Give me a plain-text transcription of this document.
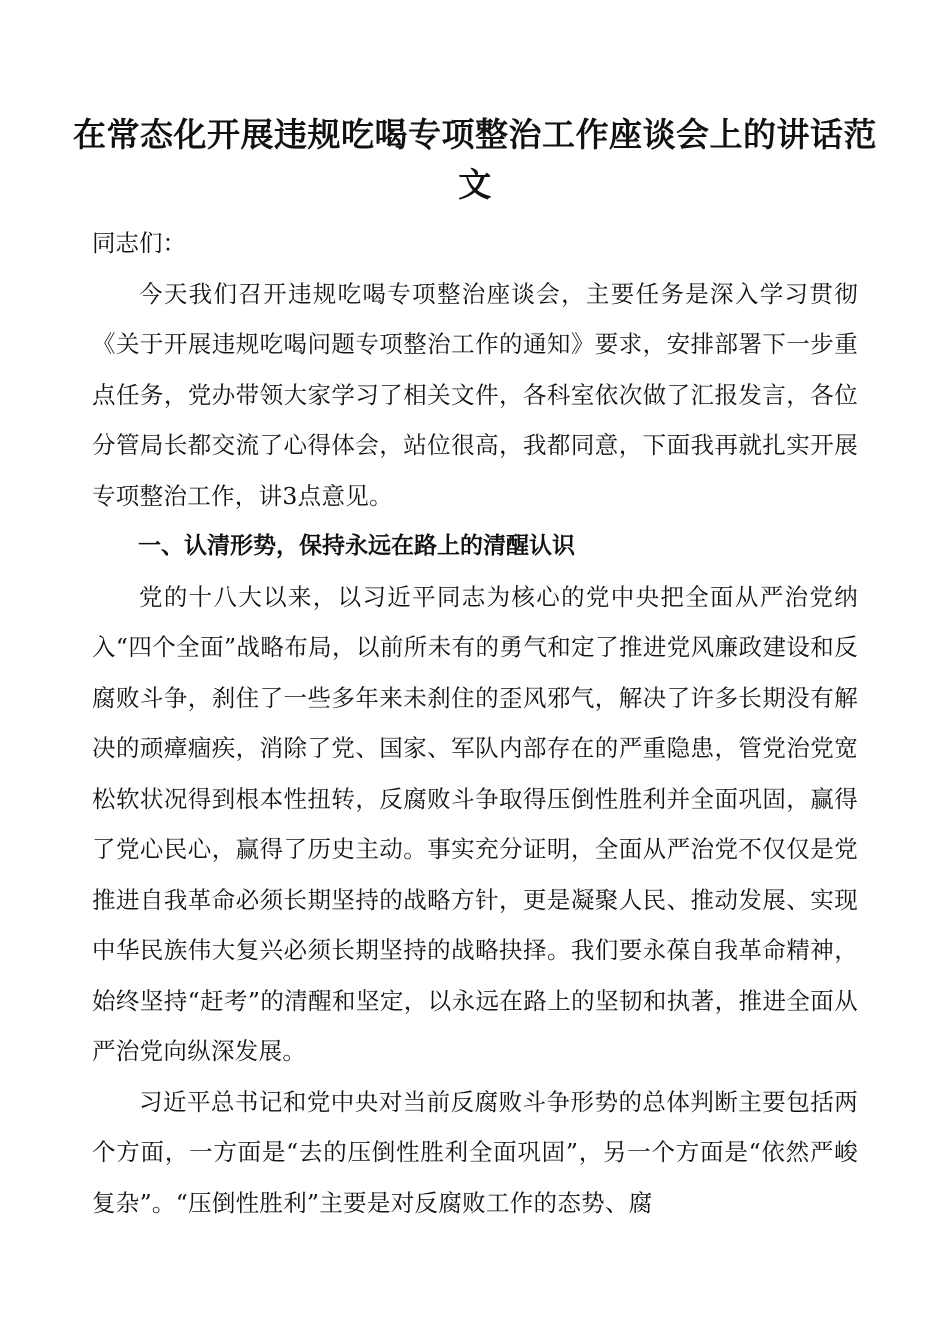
在常态化开展违规吃喝专项整治工作座谈会上的讲话范文
同志们：

今天我们召开违规吃喝专项整治座谈会，主要任务是深入学习贯彻《关于开展违规吃喝问题专项整治工作的通知》要求，安排部署下一步重点任务，党办带领大家学习了相关文件，各科室依次做了汇报发言，各位分管局长都交流了心得体会，站位很高，我都同意，下面我再就扎实开展专项整治工作，讲3点意见。

一、认清形势，保持永远在路上的清醒认识

党的十八大以来，以习近平同志为核心的党中央把全面从严治党纳入“四个全面”战略布局，以前所未有的勇气和定了推进党风廉政建设和反腐败斗争，刹住了一些多年来未刹住的歪风邪气，解决了许多长期没有解决的顽瘴痼疾，消除了党、国家、军队内部存在的严重隐患，管党治党宽松软状况得到根本性扭转，反腐败斗争取得压倒性胜利并全面巩固，赢得了党心民心，赢得了历史主动。事实充分证明，全面从严治党不仅仅是党推进自我革命必须长期坚持的战略方针，更是凝聚人民、推动发展、实现中华民族伟大复兴必须长期坚持的战略抉择。我们要永葆自我革命精神，始终坚持“赶考”的清醒和坚定，以永远在路上的坚韧和执著，推进全面从严治党向纵深发展。

习近平总书记和党中央对当前反腐败斗争形势的总体判断主要包括两个方面，一方面是“去的压倒性胜利全面巩固”，另一个方面是“依然严峻复杂”。“压倒性胜利”主要是对反腐败工作的态势、腐
